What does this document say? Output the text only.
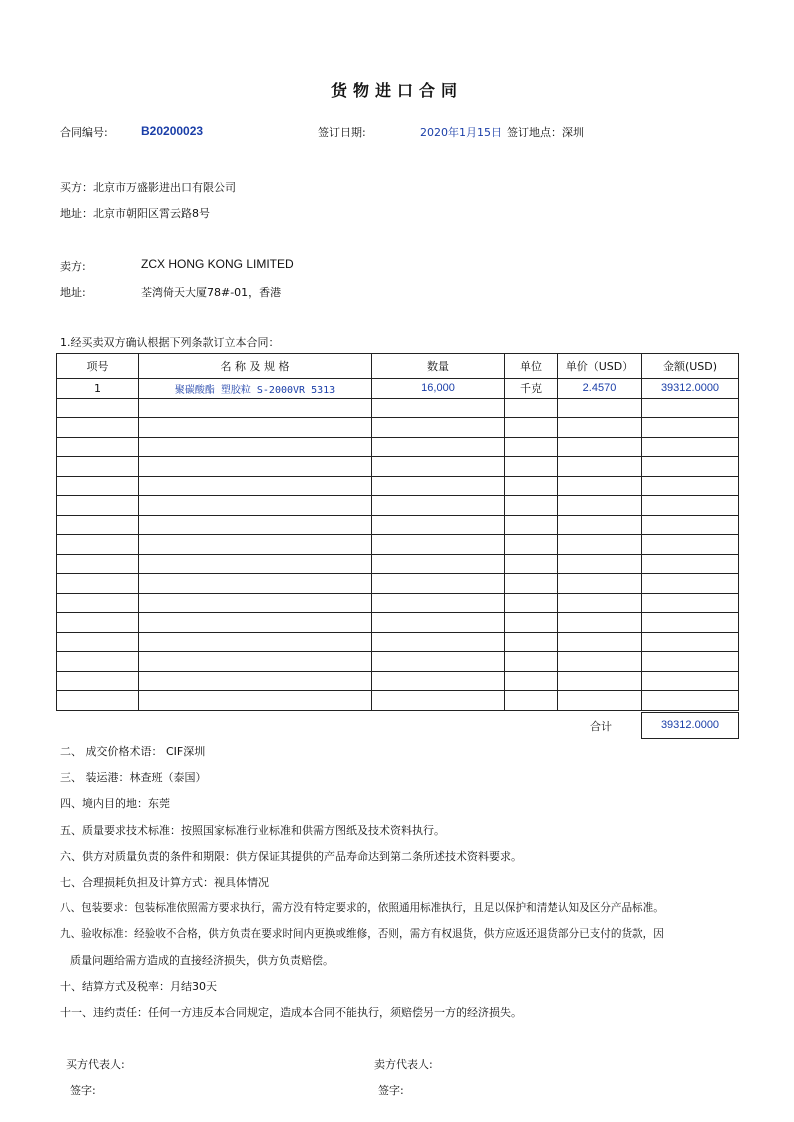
货物进口合同
合同编号:	B20200023	签订日期:	2020年1月15日 签订地点：深圳
买方：北京市万盛影进出口有限公司
地址：北京市朝阳区霄云路8号
卖方:	ZCX HONG KONG LIMITED
地址:	荃湾倚天大厦78#-01，香港
1.经买卖双方确认根据下列条款订立本合同：
项号	名 称 及 规 格	数量	单位	单价（USD）	金额(USD)
1	聚碳酸酯 塑胶粒 S-2000VR 5313	16,000	千克	2.4570	39312.0000

合计	39312.0000
二、 成交价格术语： CIF深圳
三、 装运港：林查班（泰国）
四、境内目的地：东莞
五、质量要求技术标准：按照国家标准行业标准和供需方图纸及技术资料执行。
六、供方对质量负责的条件和期限：供方保证其提供的产品寿命达到第二条所述技术资料要求。
七、合理损耗负担及计算方式：视具体情况
八、包装要求：包装标准依照需方要求执行，需方没有特定要求的，依照通用标准执行，且足以保护和清楚认知及区分产品标准。
九、验收标准：经验收不合格，供方负责在要求时间内更换或维修，否则，需方有权退货，供方应返还退货部分已支付的货款，因
质量问题给需方造成的直接经济损失，供方负责赔偿。
十、结算方式及税率：月结30天
十一、违约责任：任何一方违反本合同规定，造成本合同不能执行，须赔偿另一方的经济损失。
买方代表人:
签字:
卖方代表人:
签字:
